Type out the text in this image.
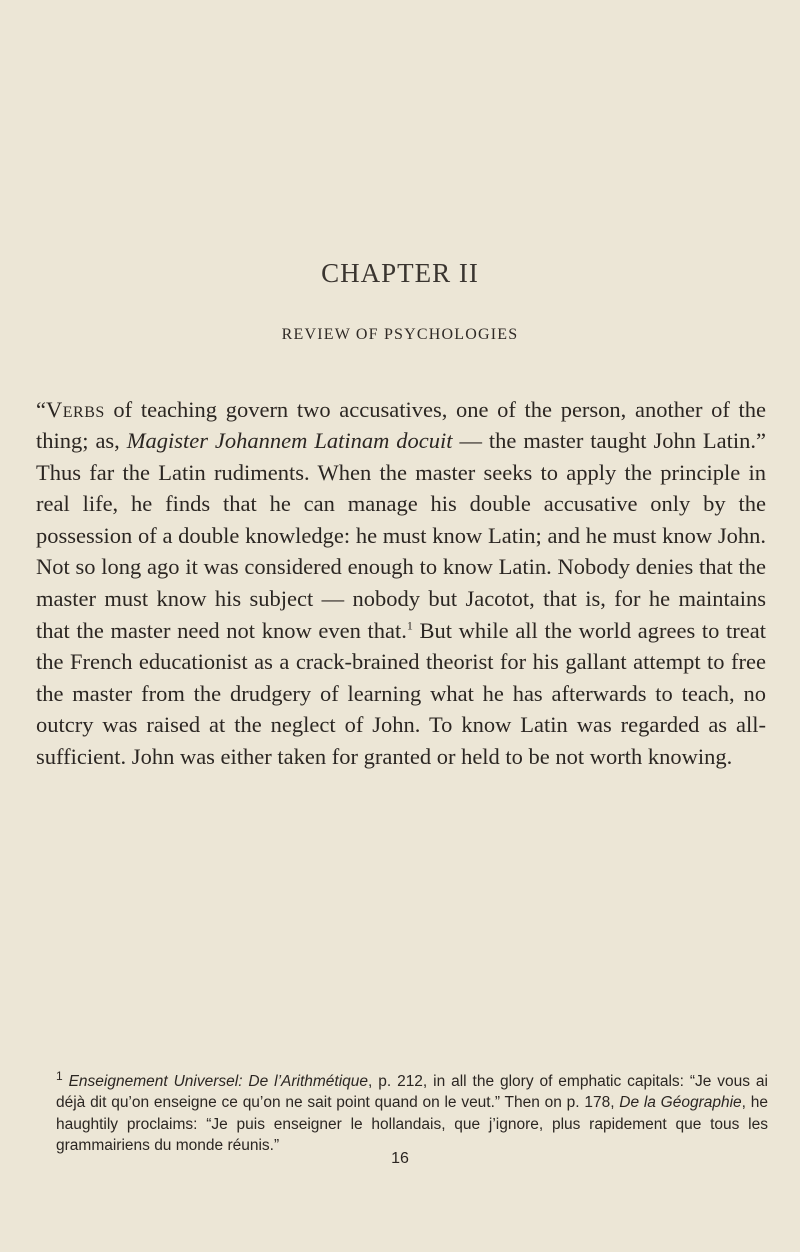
CHAPTER II
REVIEW OF PSYCHOLOGIES

“Verbs of teaching govern two accusatives, one of the person, another of the thing; as, Magister Johannem Latinam docuit — the master taught John Latin.” Thus far the Latin rudiments. When the master seeks to apply the principle in real life, he finds that he can manage his double accusative only by the possession of a double knowledge: he must know Latin; and he must know John. Not so long ago it was considered enough to know Latin. Nobody denies that the master must know his subject — nobody but Jacotot, that is, for he maintains that the master need not know even that.$^1$ But while all the world agrees to treat the French educationist as a crack-brained theorist for his gallant attempt to free the master from the drudgery of learning what he has afterwards to teach, no outcry was raised at the neglect of John. To know Latin was regarded as all-sufficient. John was either taken for granted or held to be not worth knowing.

$^1$ Enseignement Universel: De l’Arithmétique, p. 212, in all the glory of emphatic capitals: “Je vous ai déjà dit qu’on enseigne ce qu’on ne sait point quand on le veut.” Then on p. 178, De la Géographie, he haughtily proclaims: “Je puis enseigner le hollandais, que j’ignore, plus rapidement que tous les grammairiens du monde réunis.”

16
